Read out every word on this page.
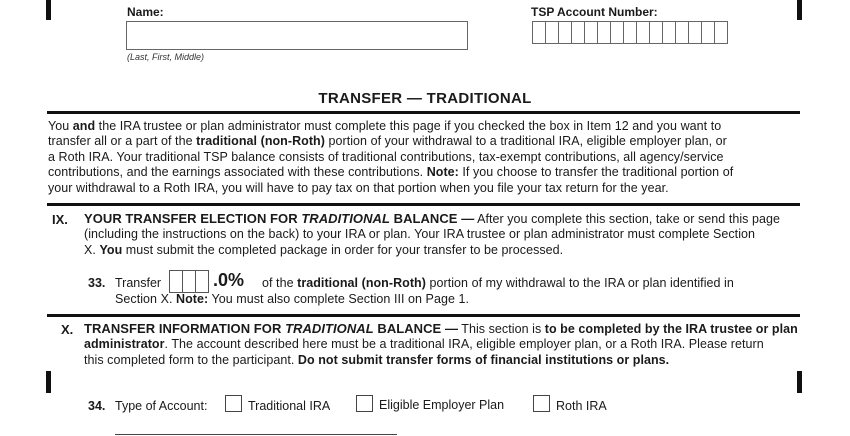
Name:
(Last, First, Middle)
TSP Account Number:
TRANSFER — TRADITIONAL
You and the IRA trustee or plan administrator must complete this page if you checked the box in Item 12 and you want to
transfer all or a part of the traditional (non-Roth) portion of your withdrawal to a traditional IRA, eligible employer plan, or
a Roth IRA. Your traditional TSP balance consists of traditional contributions, tax-exempt contributions, all agency/service
contributions, and the earnings associated with these contributions. Note: If you choose to transfer the traditional portion of
your withdrawal to a Roth IRA, you will have to pay tax on that portion when you file your tax return for the year.
IX. YOUR TRANSFER ELECTION FOR TRADITIONAL BALANCE — After you complete this section, take or send this page
(including the instructions on the back) to your IRA or plan. Your IRA trustee or plan administrator must complete Section
X. You must submit the completed package in order for your transfer to be processed.
33. Transfer	.0% of the traditional (non-Roth) portion of my withdrawal to the IRA or plan identified in
Section X. Note: You must also complete Section III on Page 1.
X. TRANSFER INFORMATION FOR TRADITIONAL BALANCE — This section is to be completed by the IRA trustee or plan
administrator. The account described here must be a traditional IRA, eligible employer plan, or a Roth IRA. Please return
this completed form to the participant. Do not submit transfer forms of financial institutions or plans.
34. Type of Account:	Traditional IRA	Eligible Employer Plan	Roth IRA
